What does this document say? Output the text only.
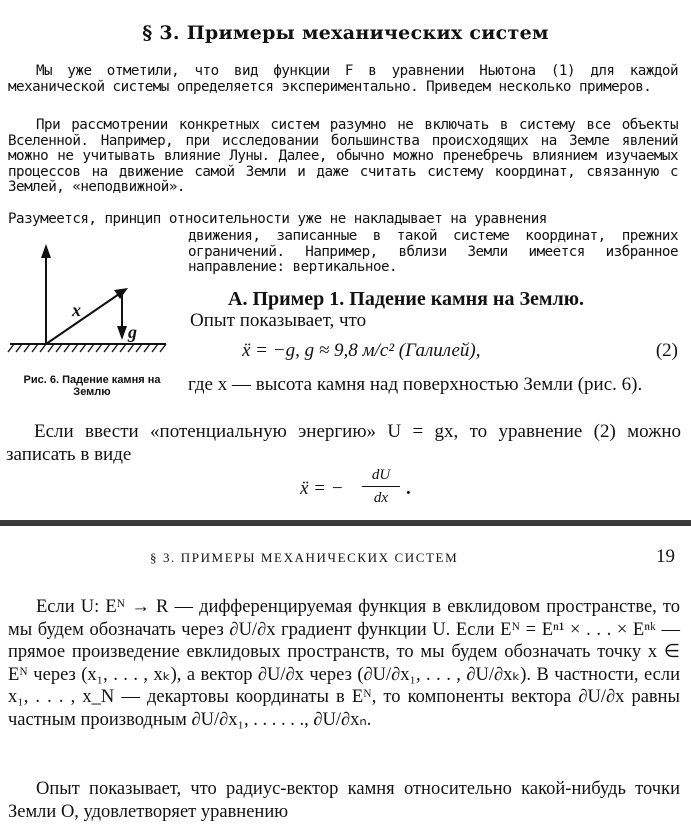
§ 3. Примеры механических систем
Мы уже отметили, что вид функции F в уравнении Ньютона (1) для каждой механической системы определяется экспериментально. Приведем несколько примеров.
При рассмотрении конкретных систем разумно не включать в систему все объекты Вселенной. Например, при исследовании большинства происходящих на Земле явлений можно не учитывать влияние Луны. Далее, обычно можно пренебречь влиянием изучаемых процессов на движение самой Земли и даже считать систему координат, связанную с Землей, «неподвижной».
Разумеется, принцип относительности уже не накладывает на уравнения
движения, записанные в такой системе координат, прежних ограничений. Например, вблизи Земли имеется избранное направление: вертикальное.
x
g
Рис. 6. Падение камня на Землю
А. Пример 1. Падение камня на Землю.
Опыт показывает, что
ẍ = −g, g ≈ 9,8 м/с² (Галилей),	(2)
где x — высота камня над поверхностью Земли (рис. 6).
Если ввести «потенциальную энергию» U = gx, то уравнение (2) можно записать в виде
ẍ = −
dU
dx .
§ 3. ПРИМЕРЫ МЕХАНИЧЕСКИХ СИСТЕМ	19
Если U: Eᴺ → R — дифференцируемая функция в евклидовом пространстве, то мы будем обозначать через ∂U/∂x градиент функции U. Если Eᴺ = Eⁿ¹ × . . . × Eⁿᵏ — прямое произведение евклидовых пространств, то мы будем обозначать точку x ∈ Eᴺ через (x₁, . . . , xₖ), а вектор ∂U/∂x через (∂U/∂x₁, . . . , ∂U/∂xₖ). В частности, если x₁, . . . , x_N — декартовы координаты в Eᴺ, то компоненты вектора ∂U/∂x равны частным производным ∂U/∂x₁, . . . . . ., ∂U/∂xₙ.
Опыт показывает, что радиус-вектор камня относительно какой-нибудь точки Земли O, удовлетворяет уравнению
